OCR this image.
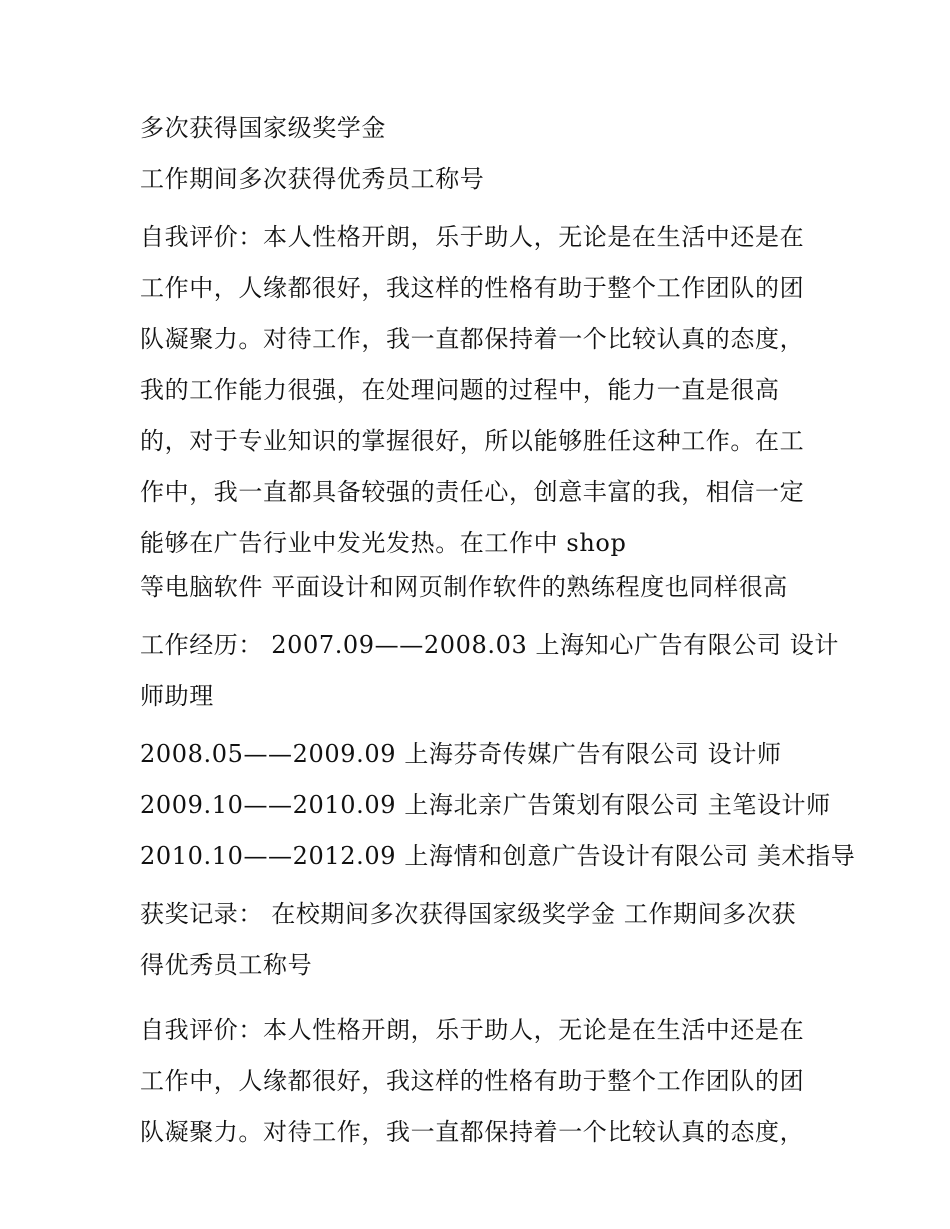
多次获得国家级奖学金
工作期间多次获得优秀员工称号
自我评价：本人性格开朗，乐于助人，无论是在生活中还是在
工作中，人缘都很好，我这样的性格有助于整个工作团队的团
队凝聚力。对待工作，我一直都保持着一个比较认真的态度，
我的工作能力很强，在处理问题的过程中，能力一直是很高
的，对于专业知识的掌握很好，所以能够胜任这种工作。在工
作中，我一直都具备较强的责任心，创意丰富的我，相信一定
能够在广告行业中发光发热。在工作中 shop
等电脑软件 平面设计和网页制作软件的熟练程度也同样很高
工作经历： 2007.09——2008.03 上海知心广告有限公司 设计
师助理
2008.05——2009.09 上海芬奇传媒广告有限公司 设计师
2009.10——2010.09 上海北亲广告策划有限公司 主笔设计师
2010.10——2012.09 上海情和创意广告设计有限公司 美术指导
获奖记录： 在校期间多次获得国家级奖学金 工作期间多次获
得优秀员工称号
自我评价：本人性格开朗，乐于助人，无论是在生活中还是在
工作中，人缘都很好，我这样的性格有助于整个工作团队的团
队凝聚力。对待工作，我一直都保持着一个比较认真的态度，
